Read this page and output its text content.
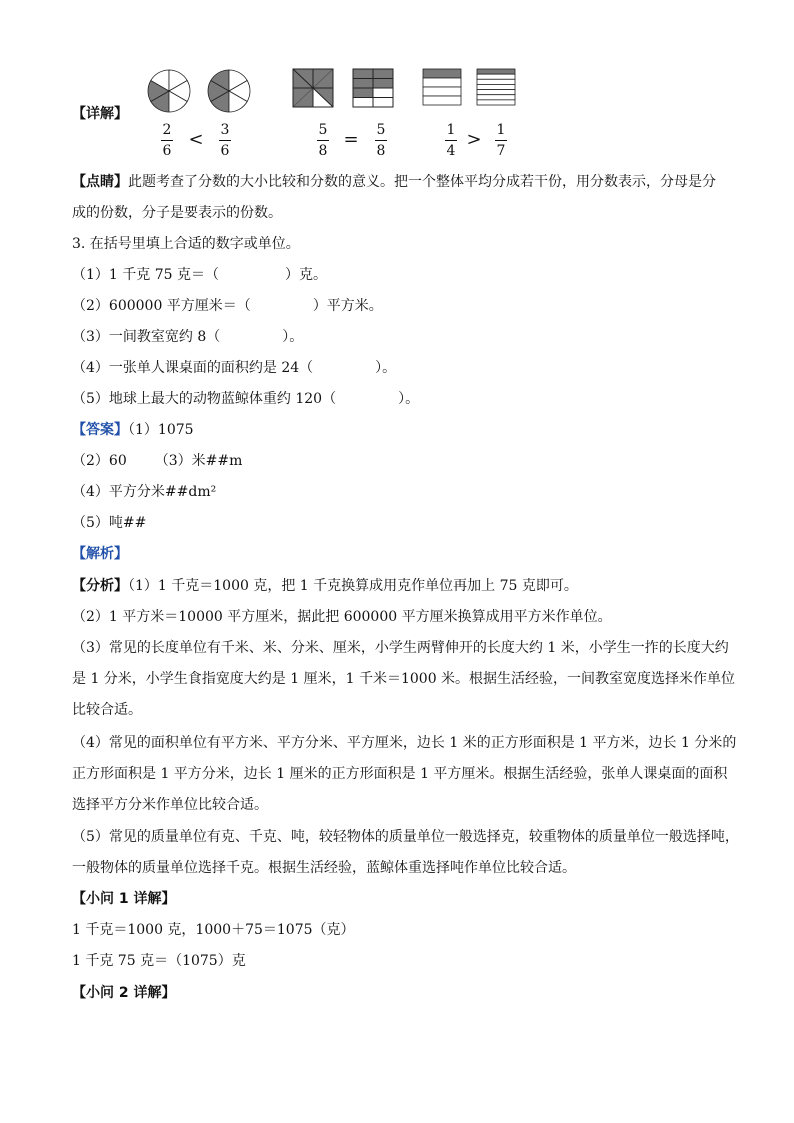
【详解】
2
6
<	3
6
5
8
=	5
8
1
4
>	1
7
【点睛】此题考查了分数的大小比较和分数的意义。把一个整体平均分成若干份，用分数表示，分母是分
成的份数，分子是要表示的份数。
3. 在括号里填上合适的数字或单位。
（1）1 千克 75 克＝（	）克。
（2）600000 平方厘米＝（	）平方米。
（3）一间教室宽约 8（	）。
（4）一张单人课桌面的面积约是 24（	）。
（5）地球上最大的动物蓝鲸体重约 120（	）。
【答案】（1）1075
（2）60 （3）米##m
（4）平方分米##dm²
（5）吨##
【解析】
【分析】（1）1 千克＝1000 克，把 1 千克换算成用克作单位再加上 75 克即可。
（2）1 平方米＝10000 平方厘米，据此把 600000 平方厘米换算成用平方米作单位。
（3）常见的长度单位有千米、米、分米、厘米，小学生两臂伸开的长度大约 1 米，小学生一拃的长度大约
是 1 分米，小学生食指宽度大约是 1 厘米，1 千米＝1000 米。根据生活经验，一间教室宽度选择米作单位
比较合适。
（4）常见的面积单位有平方米、平方分米、平方厘米，边长 1 米的正方形面积是 1 平方米，边长 1 分米的
正方形面积是 1 平方分米，边长 1 厘米的正方形面积是 1 平方厘米。根据生活经验，张单人课桌面的面积
选择平方分米作单位比较合适。
（5）常见的质量单位有克、千克、吨，较轻物体的质量单位一般选择克，较重物体的质量单位一般选择吨，
一般物体的质量单位选择千克。根据生活经验，蓝鲸体重选择吨作单位比较合适。
【小问 1 详解】
1 千克＝1000 克，1000＋75＝1075（克）
1 千克 75 克＝（1075）克
【小问 2 详解】
